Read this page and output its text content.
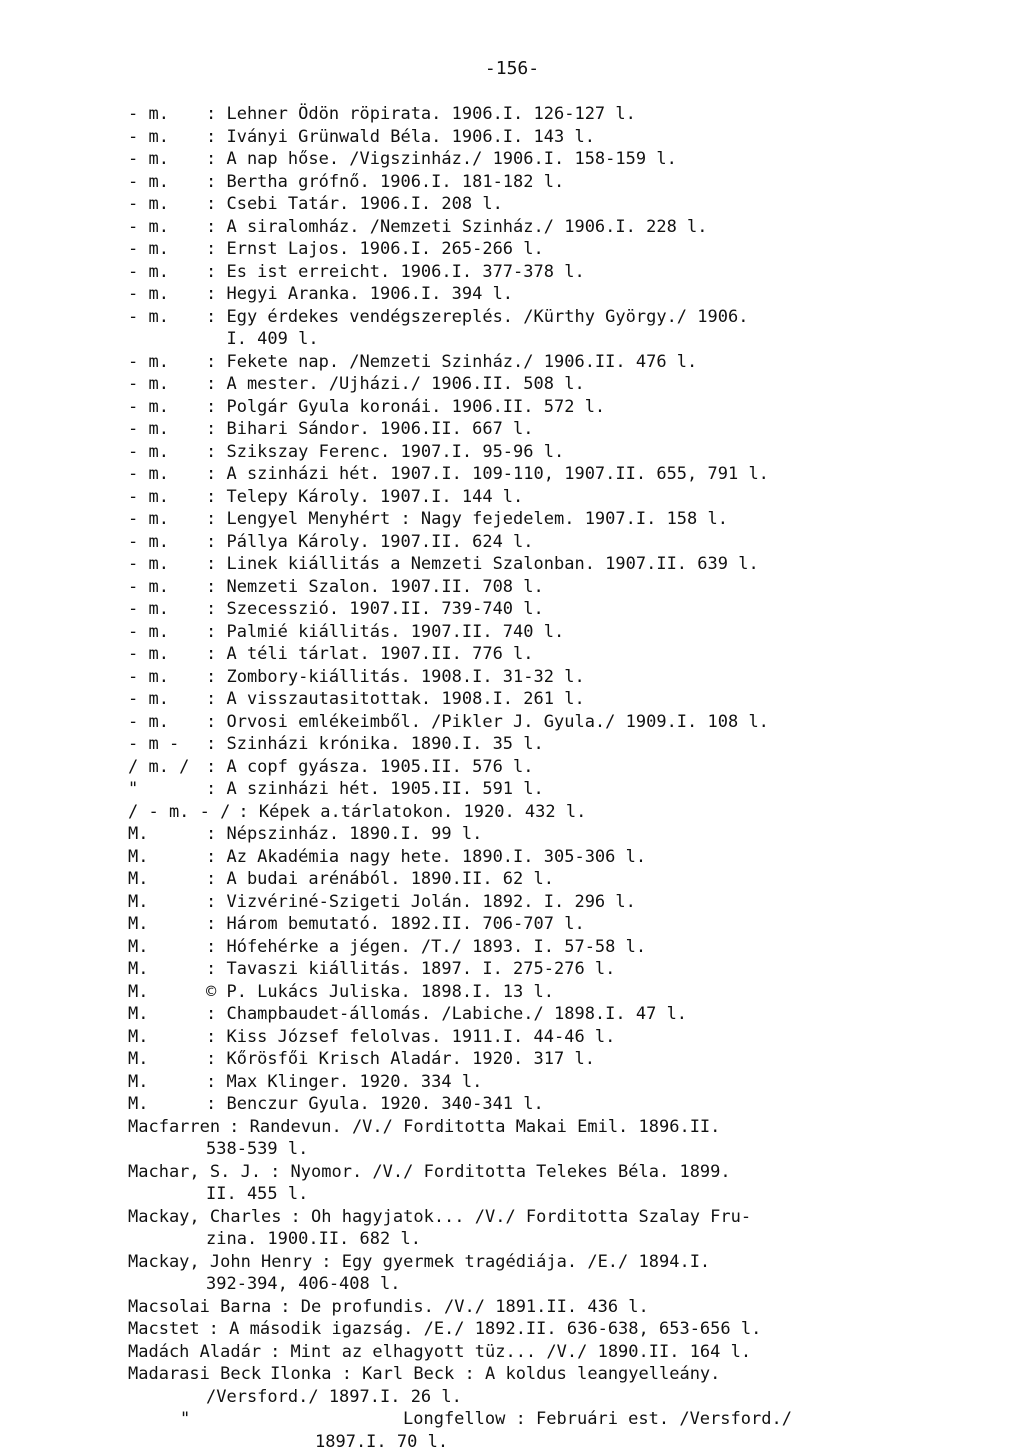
-156-
- m.	: Lehner Ödön röpirata. 1906.I. 126-127 l.
- m.	: Iványi Grünwald Béla. 1906.I. 143 l.
- m.	: A nap hőse. /Vigszinház./ 1906.I. 158-159 l.
- m.	: Bertha grófnő. 1906.I. 181-182 l.
- m.	: Csebi Tatár. 1906.I. 208 l.
- m.	: A siralomház. /Nemzeti Szinház./ 1906.I. 228 l.
- m.	: Ernst Lajos. 1906.I. 265-266 l.
- m.	: Es ist erreicht. 1906.I. 377-378 l.
- m.	: Hegyi Aranka. 1906.I. 394 l.
- m.	: Egy érdekes vendégszereplés. /Kürthy György./ 1906.
I. 409 l.
- m.	: Fekete nap. /Nemzeti Szinház./ 1906.II. 476 l.
- m.	: A mester. /Ujházi./ 1906.II. 508 l.
- m.	: Polgár Gyula koronái. 1906.II. 572 l.
- m.	: Bihari Sándor. 1906.II. 667 l.
- m.	: Szikszay Ferenc. 1907.I. 95-96 l.
- m.	: A szinházi hét. 1907.I. 109-110, 1907.II. 655, 791 l.
- m.	: Telepy Károly. 1907.I. 144 l.
- m.	: Lengyel Menyhért : Nagy fejedelem. 1907.I. 158 l.
- m.	: Pállya Károly. 1907.II. 624 l.
- m.	: Linek kiállitás a Nemzeti Szalonban. 1907.II. 639 l.
- m.	: Nemzeti Szalon. 1907.II. 708 l.
- m.	: Szecesszió. 1907.II. 739-740 l.
- m.	: Palmié kiállitás. 1907.II. 740 l.
- m.	: A téli tárlat. 1907.II. 776 l.
- m.	: Zombory-kiállitás. 1908.I. 31-32 l.
- m.	: A visszautasitottak. 1908.I. 261 l.
- m.	: Orvosi emlékeimből. /Pikler J. Gyula./ 1909.I. 108 l.
- m -	: Szinházi krónika. 1890.I. 35 l.
/ m. / : A copf gyásza. 1905.II. 576 l.
"	: A szinházi hét. 1905.II. 591 l.
/ - m. - / : Képek a.tárlatokon. 1920. 432 l.
M.	: Népszinház. 1890.I. 99 l.
M.	: Az Akadémia nagy hete. 1890.I. 305-306 l.
M.	: A budai arénából. 1890.II. 62 l.
M.	: Vizvériné-Szigeti Jolán. 1892. I. 296 l.
M.	: Három bemutató. 1892.II. 706-707 l.
M.	: Hófehérke a jégen. /T./ 1893. I. 57-58 l.
M.	: Tavaszi kiállitás. 1897. I. 275-276 l.
M.	© P. Lukács Juliska. 1898.I. 13 l.
M.	: Champbaudet-állomás. /Labiche./ 1898.I. 47 l.
M.	: Kiss József felolvas. 1911.I. 44-46 l.
M.	: Kőrösfői Krisch Aladár. 1920. 317 l.
M.	: Max Klinger. 1920. 334 l.
M.	: Benczur Gyula. 1920. 340-341 l.
Macfarren : Randevun. /V./ Forditotta Makai Emil. 1896.II.
538-539 l.
Machar, S. J. : Nyomor. /V./ Forditotta Telekes Béla. 1899.
II. 455 l.
Mackay, Charles : Oh hagyjatok... /V./ Forditotta Szalay Fru-
zina. 1900.II. 682 l.
Mackay, John Henry : Egy gyermek tragédiája. /E./ 1894.I.
392-394, 406-408 l.
Macsolai Barna : De profundis. /V./ 1891.II. 436 l.
Macstet : A második igazság. /E./ 1892.II. 636-638, 653-656 l.
Madách Aladár : Mint az elhagyott tüz... /V./ 1890.II. 164 l.
Madarasi Beck Ilonka : Karl Beck : A koldus leangyelleány.
/Versford./ 1897.I. 26 l.
"	Longfellow : Februári est. /Versford./
1897.I. 70 l.
